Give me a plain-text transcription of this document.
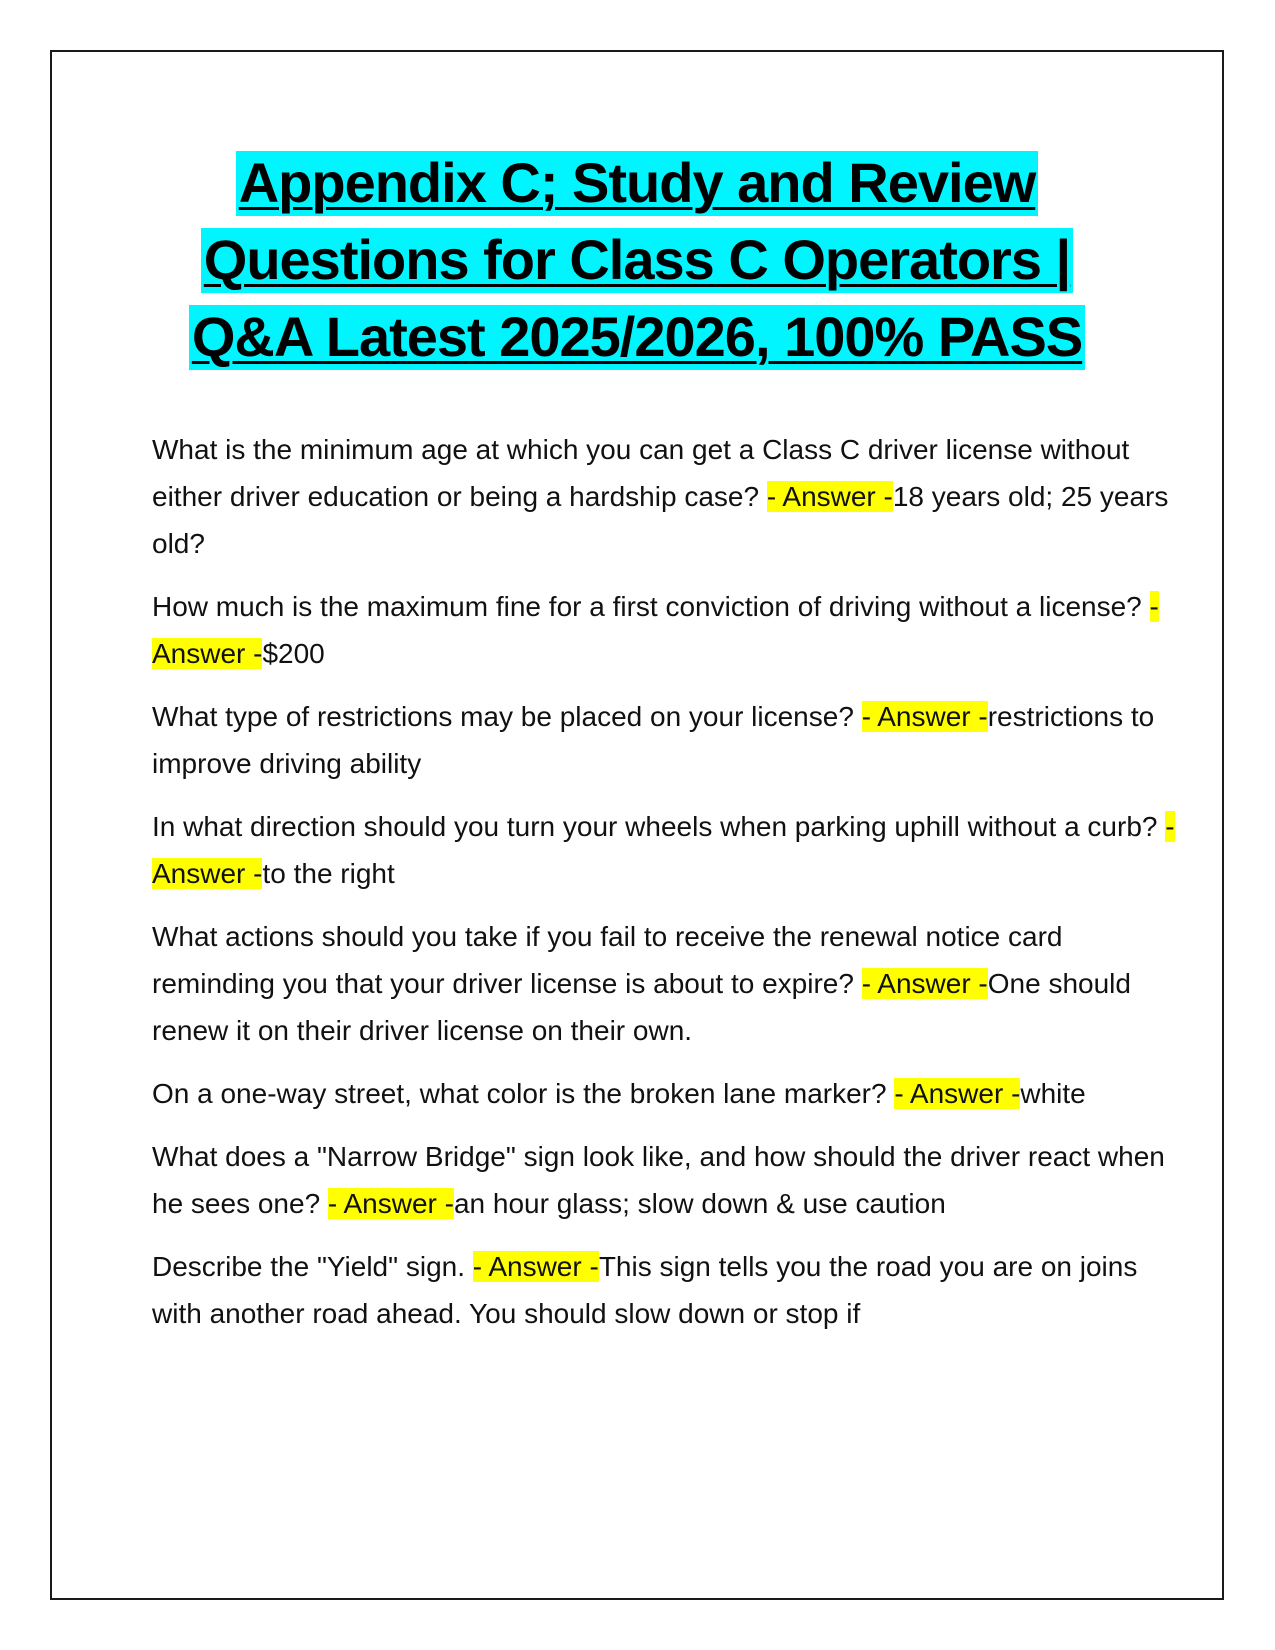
Appendix C; Study and Review
Questions for Class C Operators |
Q&A Latest 2025/2026, 100% PASS

What is the minimum age at which you can get a Class C driver license without either driver education or being a hardship case? - Answer -18 years old; 25 years old?

How much is the maximum fine for a first conviction of driving without a license? - Answer -$200

What type of restrictions may be placed on your license? - Answer -restrictions to improve driving ability

In what direction should you turn your wheels when parking uphill without a curb? - Answer -to the right

What actions should you take if you fail to receive the renewal notice card reminding you that your driver license is about to expire? - Answer -One should renew it on their driver license on their own.

On a one-way street, what color is the broken lane marker? - Answer -white

What does a "Narrow Bridge" sign look like, and how should the driver react when he sees one? - Answer -an hour glass; slow down & use caution

Describe the "Yield" sign. - Answer -This sign tells you the road you are on joins with another road ahead. You should slow down or stop if
